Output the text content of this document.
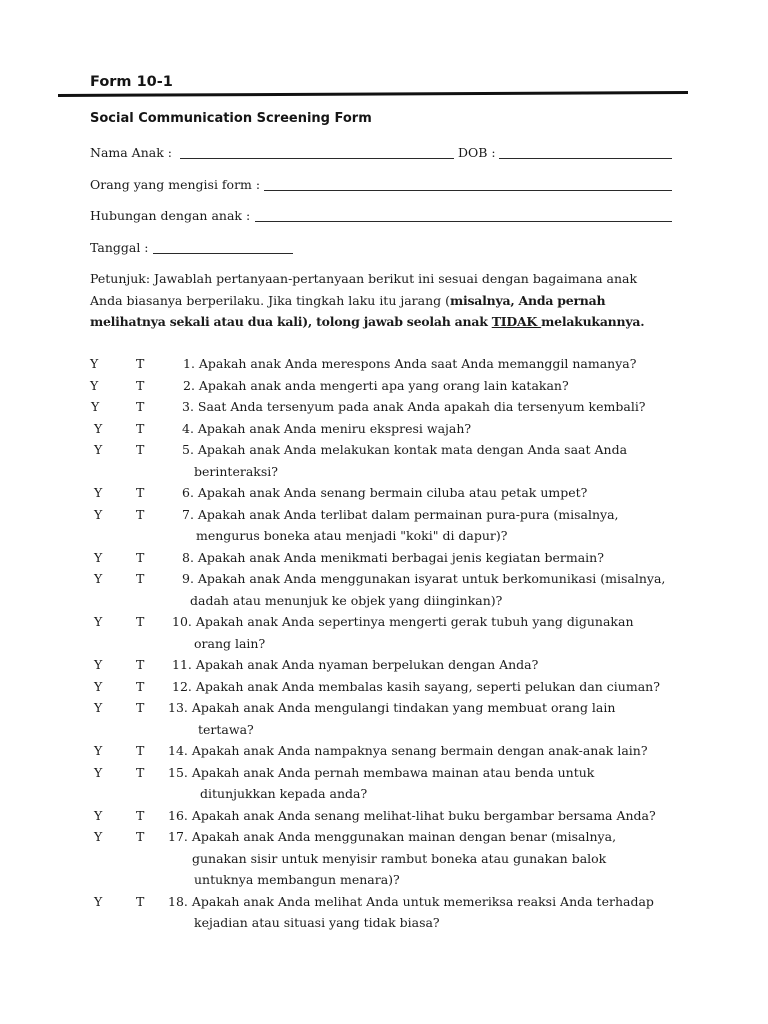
Form 10-1
Social Communication Screening Form
Nama Anak :	DOB :
Orang yang mengisi form :
Hubungan dengan anak :
Tanggal :
Petunjuk: Jawablah pertanyaan-pertanyaan berikut ini sesuai dengan bagaimana anak
Anda biasanya berperilaku. Jika tingkah laku itu jarang (misalnya, Anda pernah
melihatnya sekali atau dua kali), tolong jawab seolah anak TIDAK melakukannya.
Y	T	1. Apakah anak Anda merespons Anda saat Anda memanggil namanya?
Y	T	2. Apakah anak anda mengerti apa yang orang lain katakan?
Y	T	3. Saat Anda tersenyum pada anak Anda apakah dia tersenyum kembali?
Y	T	4. Apakah anak Anda meniru ekspresi wajah?
Y	T	5. Apakah anak Anda melakukan kontak mata dengan Anda saat Anda
berinteraksi?
Y	T	6. Apakah anak Anda senang bermain ciluba atau petak umpet?
Y	T	7. Apakah anak Anda terlibat dalam permainan pura-pura (misalnya,
mengurus boneka atau menjadi "koki" di dapur)?
Y	T	8. Apakah anak Anda menikmati berbagai jenis kegiatan bermain?
Y	T	9. Apakah anak Anda menggunakan isyarat untuk berkomunikasi (misalnya,
dadah atau menunjuk ke objek yang diinginkan)?
Y	T 10. Apakah anak Anda sepertinya mengerti gerak tubuh yang digunakan
orang lain?
Y	T 11. Apakah anak Anda nyaman berpelukan dengan Anda?
Y	T 12. Apakah anak Anda membalas kasih sayang, seperti pelukan dan ciuman?
Y	T 13. Apakah anak Anda mengulangi tindakan yang membuat orang lain
tertawa?
Y	T 14. Apakah anak Anda nampaknya senang bermain dengan anak-anak lain?
Y	T 15. Apakah anak Anda pernah membawa mainan atau benda untuk
ditunjukkan kepada anda?
Y	T 16. Apakah anak Anda senang melihat-lihat buku bergambar bersama Anda?
Y	T 17. Apakah anak Anda menggunakan mainan dengan benar (misalnya,
gunakan sisir untuk menyisir rambut boneka atau gunakan balok
untuknya membangun menara)?
Y	T 18. Apakah anak Anda melihat Anda untuk memeriksa reaksi Anda terhadap
kejadian atau situasi yang tidak biasa?
